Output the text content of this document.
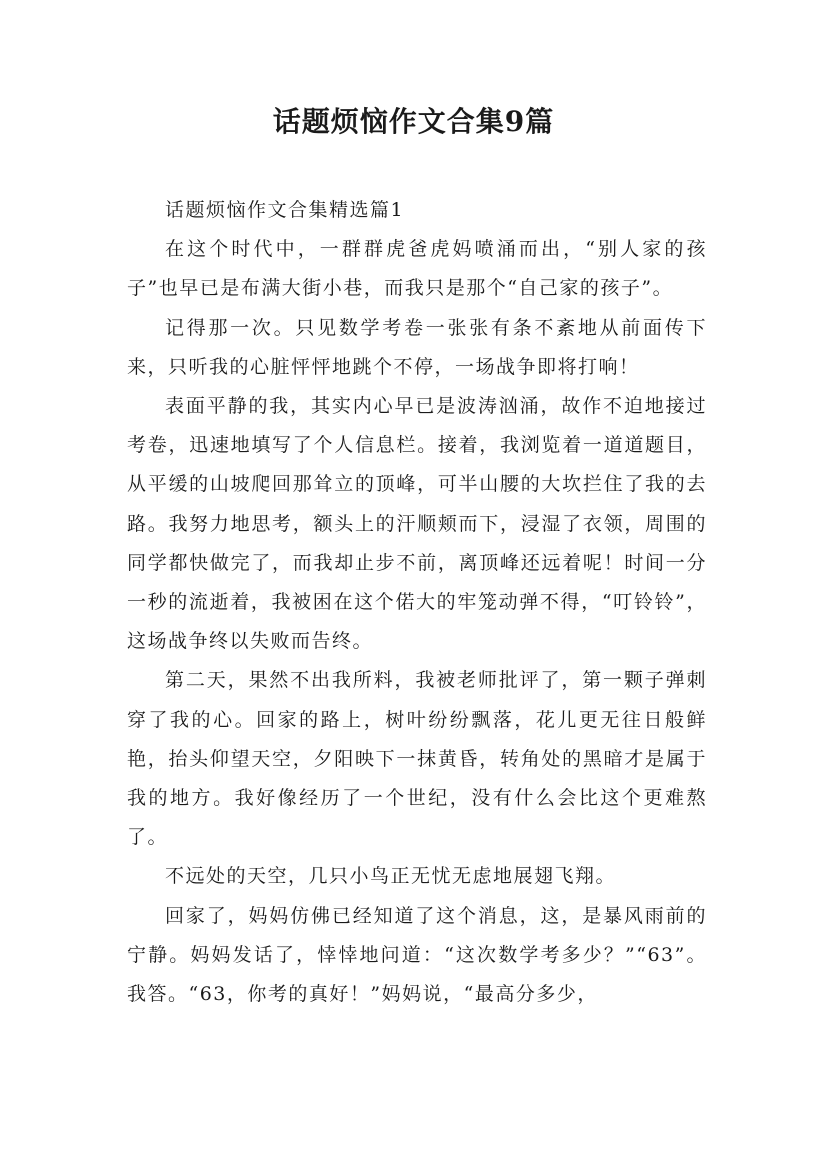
话题烦恼作文合集9篇

话题烦恼作文合集精选篇1

在这个时代中，一群群虎爸虎妈喷涌而出，“别人家的孩子”也早已是布满大街小巷，而我只是那个“自己家的孩子”。

记得那一次。只见数学考卷一张张有条不紊地从前面传下来，只听我的心脏怦怦地跳个不停，一场战争即将打响！

表面平静的我，其实内心早已是波涛汹涌，故作不迫地接过考卷，迅速地填写了个人信息栏。接着，我浏览着一道道题目，从平缓的山坡爬回那耸立的顶峰，可半山腰的大坎拦住了我的去路。我努力地思考，额头上的汗顺颊而下，浸湿了衣领，周围的同学都快做完了，而我却止步不前，离顶峰还远着呢！时间一分一秒的流逝着，我被困在这个偌大的牢笼动弹不得，“叮铃铃”，这场战争终以失败而告终。

第二天，果然不出我所料，我被老师批评了，第一颗子弹刺穿了我的心。回家的路上，树叶纷纷飘落，花儿更无往日般鲜艳，抬头仰望天空，夕阳映下一抹黄昏，转角处的黑暗才是属于我的地方。我好像经历了一个世纪，没有什么会比这个更难熬了。

不远处的天空，几只小鸟正无忧无虑地展翅飞翔。

回家了，妈妈仿佛已经知道了这个消息，这，是暴风雨前的宁静。妈妈发话了，悻悻地问道：“这次数学考多少？”“63”。我答。“63，你考的真好！”妈妈说，“最高分多少，
